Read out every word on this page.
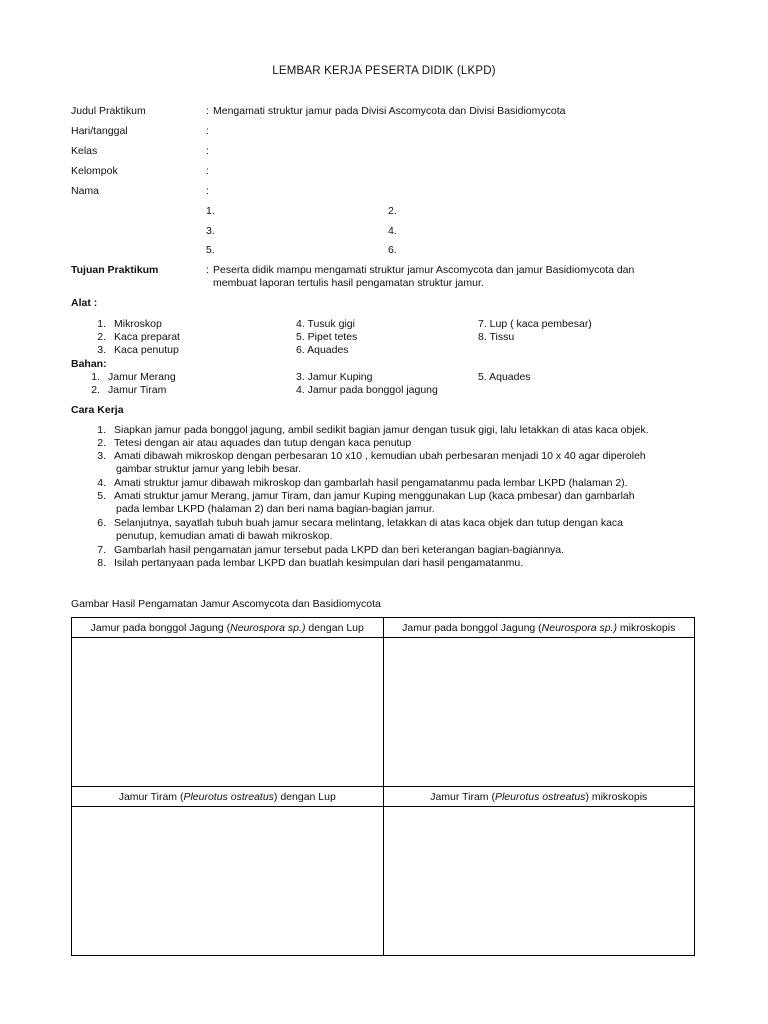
LEMBAR KERJA PESERTA DIDIK (LKPD)
Judul Praktikum	: Mengamati struktur jamur pada Divisi Ascomycota dan Divisi Basidiomycota
Hari/tanggal	:
Kelas	:
Kelompok	:
Nama	:
1.	2.
3.	4.
5.	6.
Tujuan Praktikum	: Peserta didik mampu mengamati struktur jamur Ascomycota dan jamur Basidiomycota dan
membuat laporan tertulis hasil pengamatan struktur jamur.
Alat :
1. Mikroskop
2. Kaca preparat
3. Kaca penutup
4. Tusuk gigi
5. Pipet tetes
6. Aquades
7. Lup ( kaca pembesar)
8. Tissu
Bahan:
1. Jamur Merang
2. Jamur Tiram
3. Jamur Kuping
4. Jamur pada bonggol jagung
5. Aquades
Cara Kerja
1. Siapkan jamur pada bonggol jagung, ambil sedikit bagian jamur dengan tusuk gigi, lalu letakkan di atas kaca objek.
2. Tetesi dengan air atau aquades dan tutup dengan kaca penutup
3. Amati dibawah mikroskop dengan perbesaran 10 x10 , kemudian ubah perbesaran menjadi 10 x 40 agar diperoleh
gambar struktur jamur yang lebih besar.
4. Amati struktur jamur dibawah mikroskop dan gambarlah hasil pengamatanmu pada lembar LKPD (halaman 2).
5. Amati struktur jamur Merang, jamur Tiram, dan jamur Kuping menggunakan Lup (kaca pmbesar) dan gambarlah
pada lembar LKPD (halaman 2) dan beri nama bagian-bagian jamur.
6. Selanjutnya, sayatlah tubuh buah jamur secara melintang, letakkan di atas kaca objek dan tutup dengan kaca
penutup, kemudian amati di bawah mikroskop.
7. Gambarlah hasil pengamatan jamur tersebut pada LKPD dan beri keterangan bagian-bagiannya.
8. Isilah pertanyaan pada lembar LKPD dan buatlah kesimpulan dari hasil pengamatanmu.
Gambar Hasil Pengamatan Jamur Ascomycota dan Basidiomycota
Jamur pada bonggol Jagung (Neurospora sp.) dengan Lup	Jamur pada bonggol Jagung (Neurospora sp.) mikroskopis

Jamur Tiram (Pleurotus ostreatus) dengan Lup	Jamur Tiram (Pleurotus ostreatus) mikroskopis
